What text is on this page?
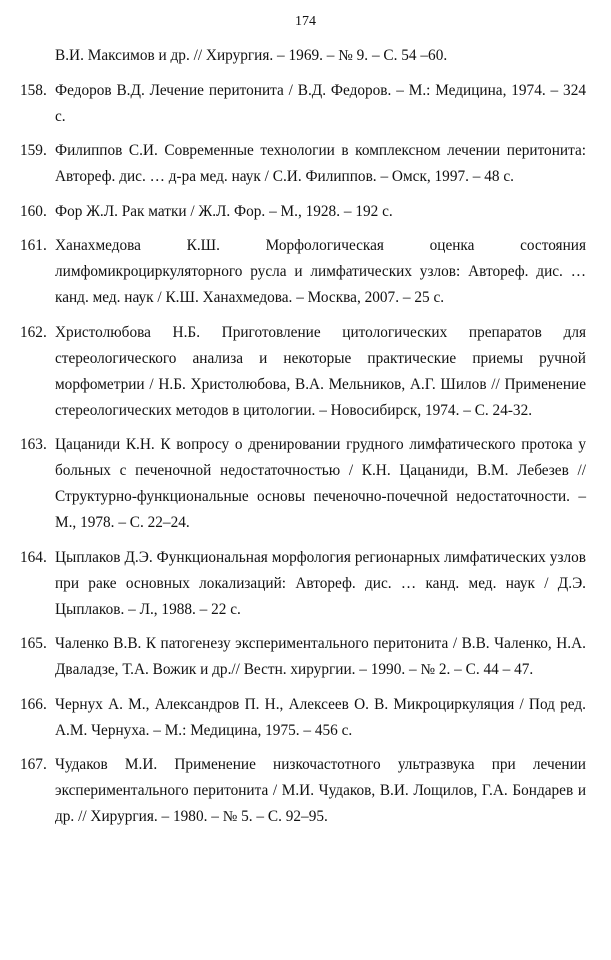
174
В.И. Максимов и др. // Хирургия. – 1969. – № 9. – С. 54 –60.
158. Федоров В.Д. Лечение перитонита / В.Д. Федоров. – М.: Медицина, 1974. – 324 с.
159. Филиппов С.И. Современные технологии в комплексном лечении перитонита: Автореф. дис. … д-ра мед. наук / С.И. Филиппов. – Омск, 1997. – 48 с.
160. Фор Ж.Л. Рак матки / Ж.Л. Фор. – М., 1928. – 192 с.
161. Ханахмедова К.Ш. Морфологическая оценка состояния лимфомикроциркуляторного русла и лимфатических узлов: Автореф. дис. … канд. мед. наук / К.Ш. Ханахмедова. – Москва, 2007. – 25 с.
162. Христолюбова Н.Б. Приготовление цитологических препаратов для стереологического анализа и некоторые практические приемы ручной морфометрии / Н.Б. Христолюбова, В.А. Мельников, А.Г. Шилов // Применение стереологических методов в цитологии. – Новосибирск, 1974. – С. 24-32.
163. Цацаниди К.Н. К вопросу о дренировании грудного лимфатического протока у больных с печеночной недостаточностью / К.Н. Цацаниди, В.М. Лебезев // Структурно-функциональные основы печеночно-почечной недостаточности. – М., 1978. – С. 22–24.
164. Цыплаков Д.Э. Функциональная морфология регионарных лимфатических узлов при раке основных локализаций: Автореф. дис. … канд. мед. наук / Д.Э. Цыплаков. – Л., 1988. – 22 с.
165. Чаленко В.В. К патогенезу экспериментального перитонита / В.В. Чаленко, Н.А. Двaладзе, Т.А. Вожик и др.// Вестн. хирургии. – 1990. – № 2. – С. 44 – 47.
166. Чернух А. М., Александров П. Н., Алексеев О. В. Микроциркуляция / Под ред. А.М. Чернуха. – М.: Медицина, 1975. – 456 с.
167. Чудаков М.И. Применение низкочастотного ультразвука при лечении экспериментального перитонита / М.И. Чудаков, В.И. Лощилов, Г.А. Бондарев и др. // Хирургия. – 1980. – № 5. – С. 92–95.
